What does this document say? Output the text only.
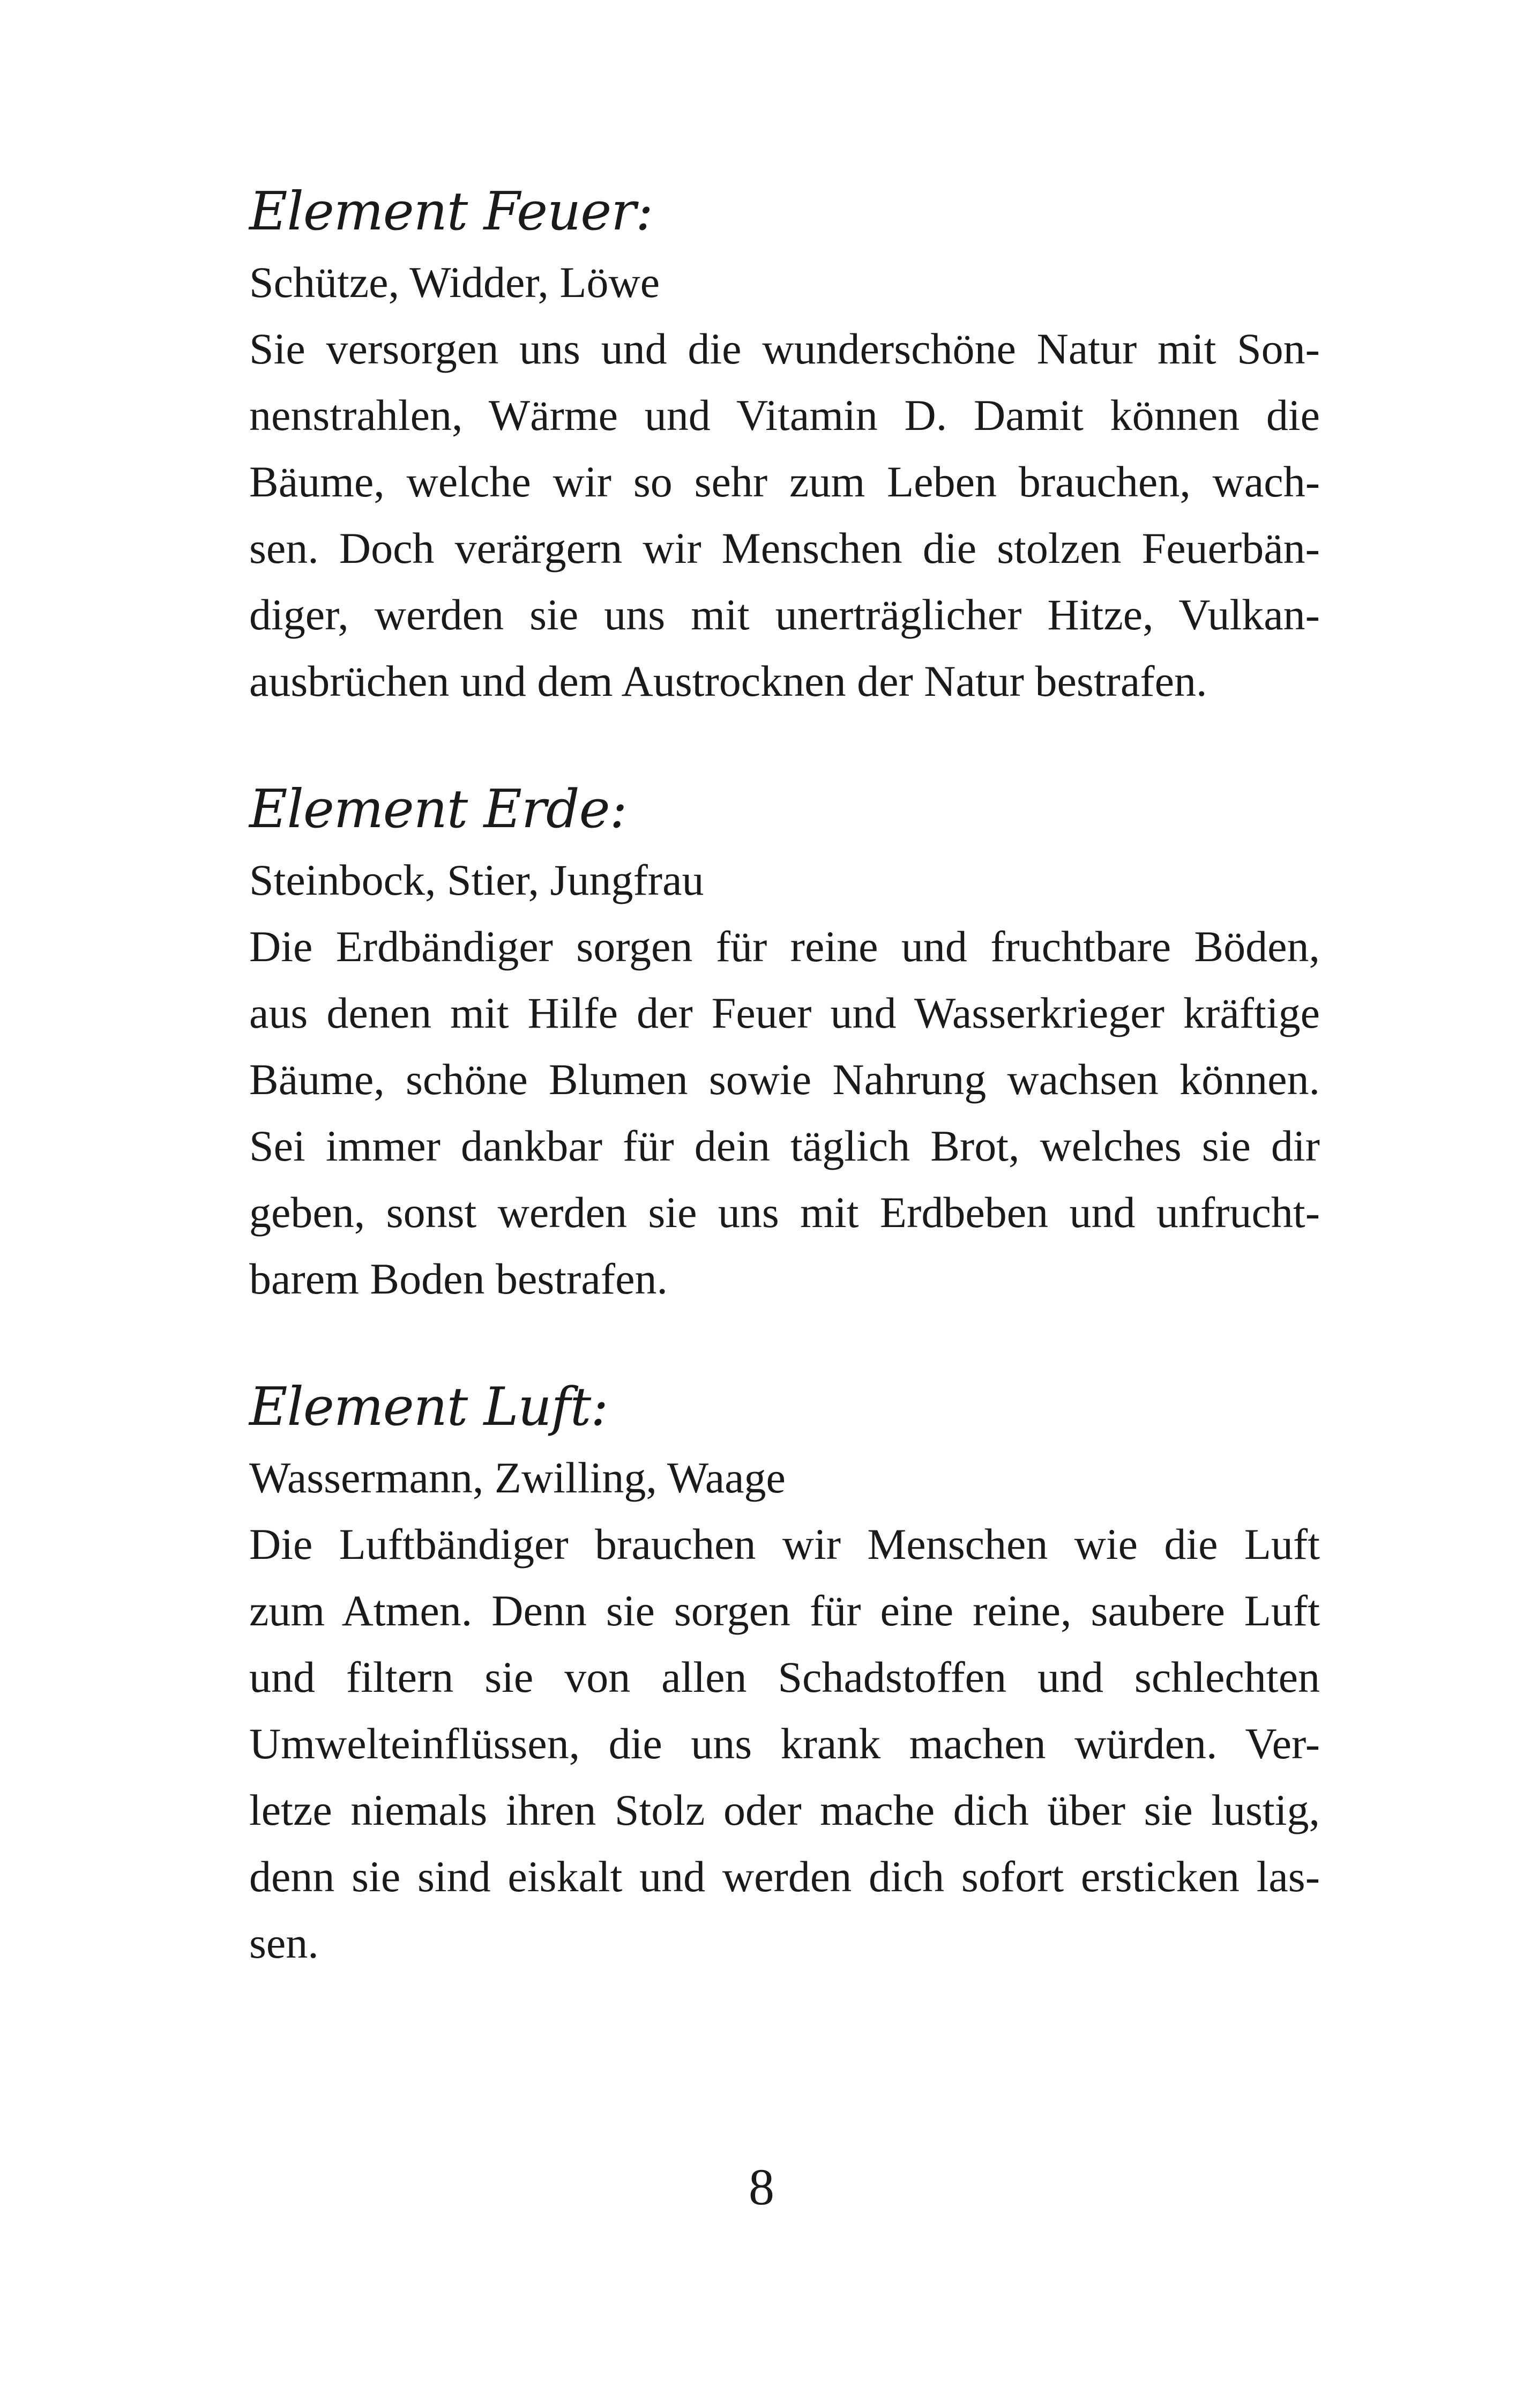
Element Feuer:
Schütze, Widder, Löwe
Sie versorgen uns und die wunderschöne Natur mit Son-
nenstrahlen, Wärme und Vitamin D. Damit können die
Bäume, welche wir so sehr zum Leben brauchen, wach-
sen. Doch verärgern wir Menschen die stolzen Feuerbän-
diger, werden sie uns mit unerträglicher Hitze, Vulkan-
ausbrüchen und dem Austrocknen der Natur bestrafen.
Element Erde:
Steinbock, Stier, Jungfrau
Die Erdbändiger sorgen für reine und fruchtbare Böden,
aus denen mit Hilfe der Feuer und Wasserkrieger kräftige
Bäume, schöne Blumen sowie Nahrung wachsen können.
Sei immer dankbar für dein täglich Brot, welches sie dir
geben, sonst werden sie uns mit Erdbeben und unfrucht-
barem Boden bestrafen.
Element Luft:
Wassermann, Zwilling, Waage
Die Luftbändiger brauchen wir Menschen wie die Luft
zum Atmen. Denn sie sorgen für eine reine, saubere Luft
und filtern sie von allen Schadstoffen und schlechten
Umwelteinflüssen, die uns krank machen würden. Ver-
letze niemals ihren Stolz oder mache dich über sie lustig,
denn sie sind eiskalt und werden dich sofort ersticken las-
sen.
8
